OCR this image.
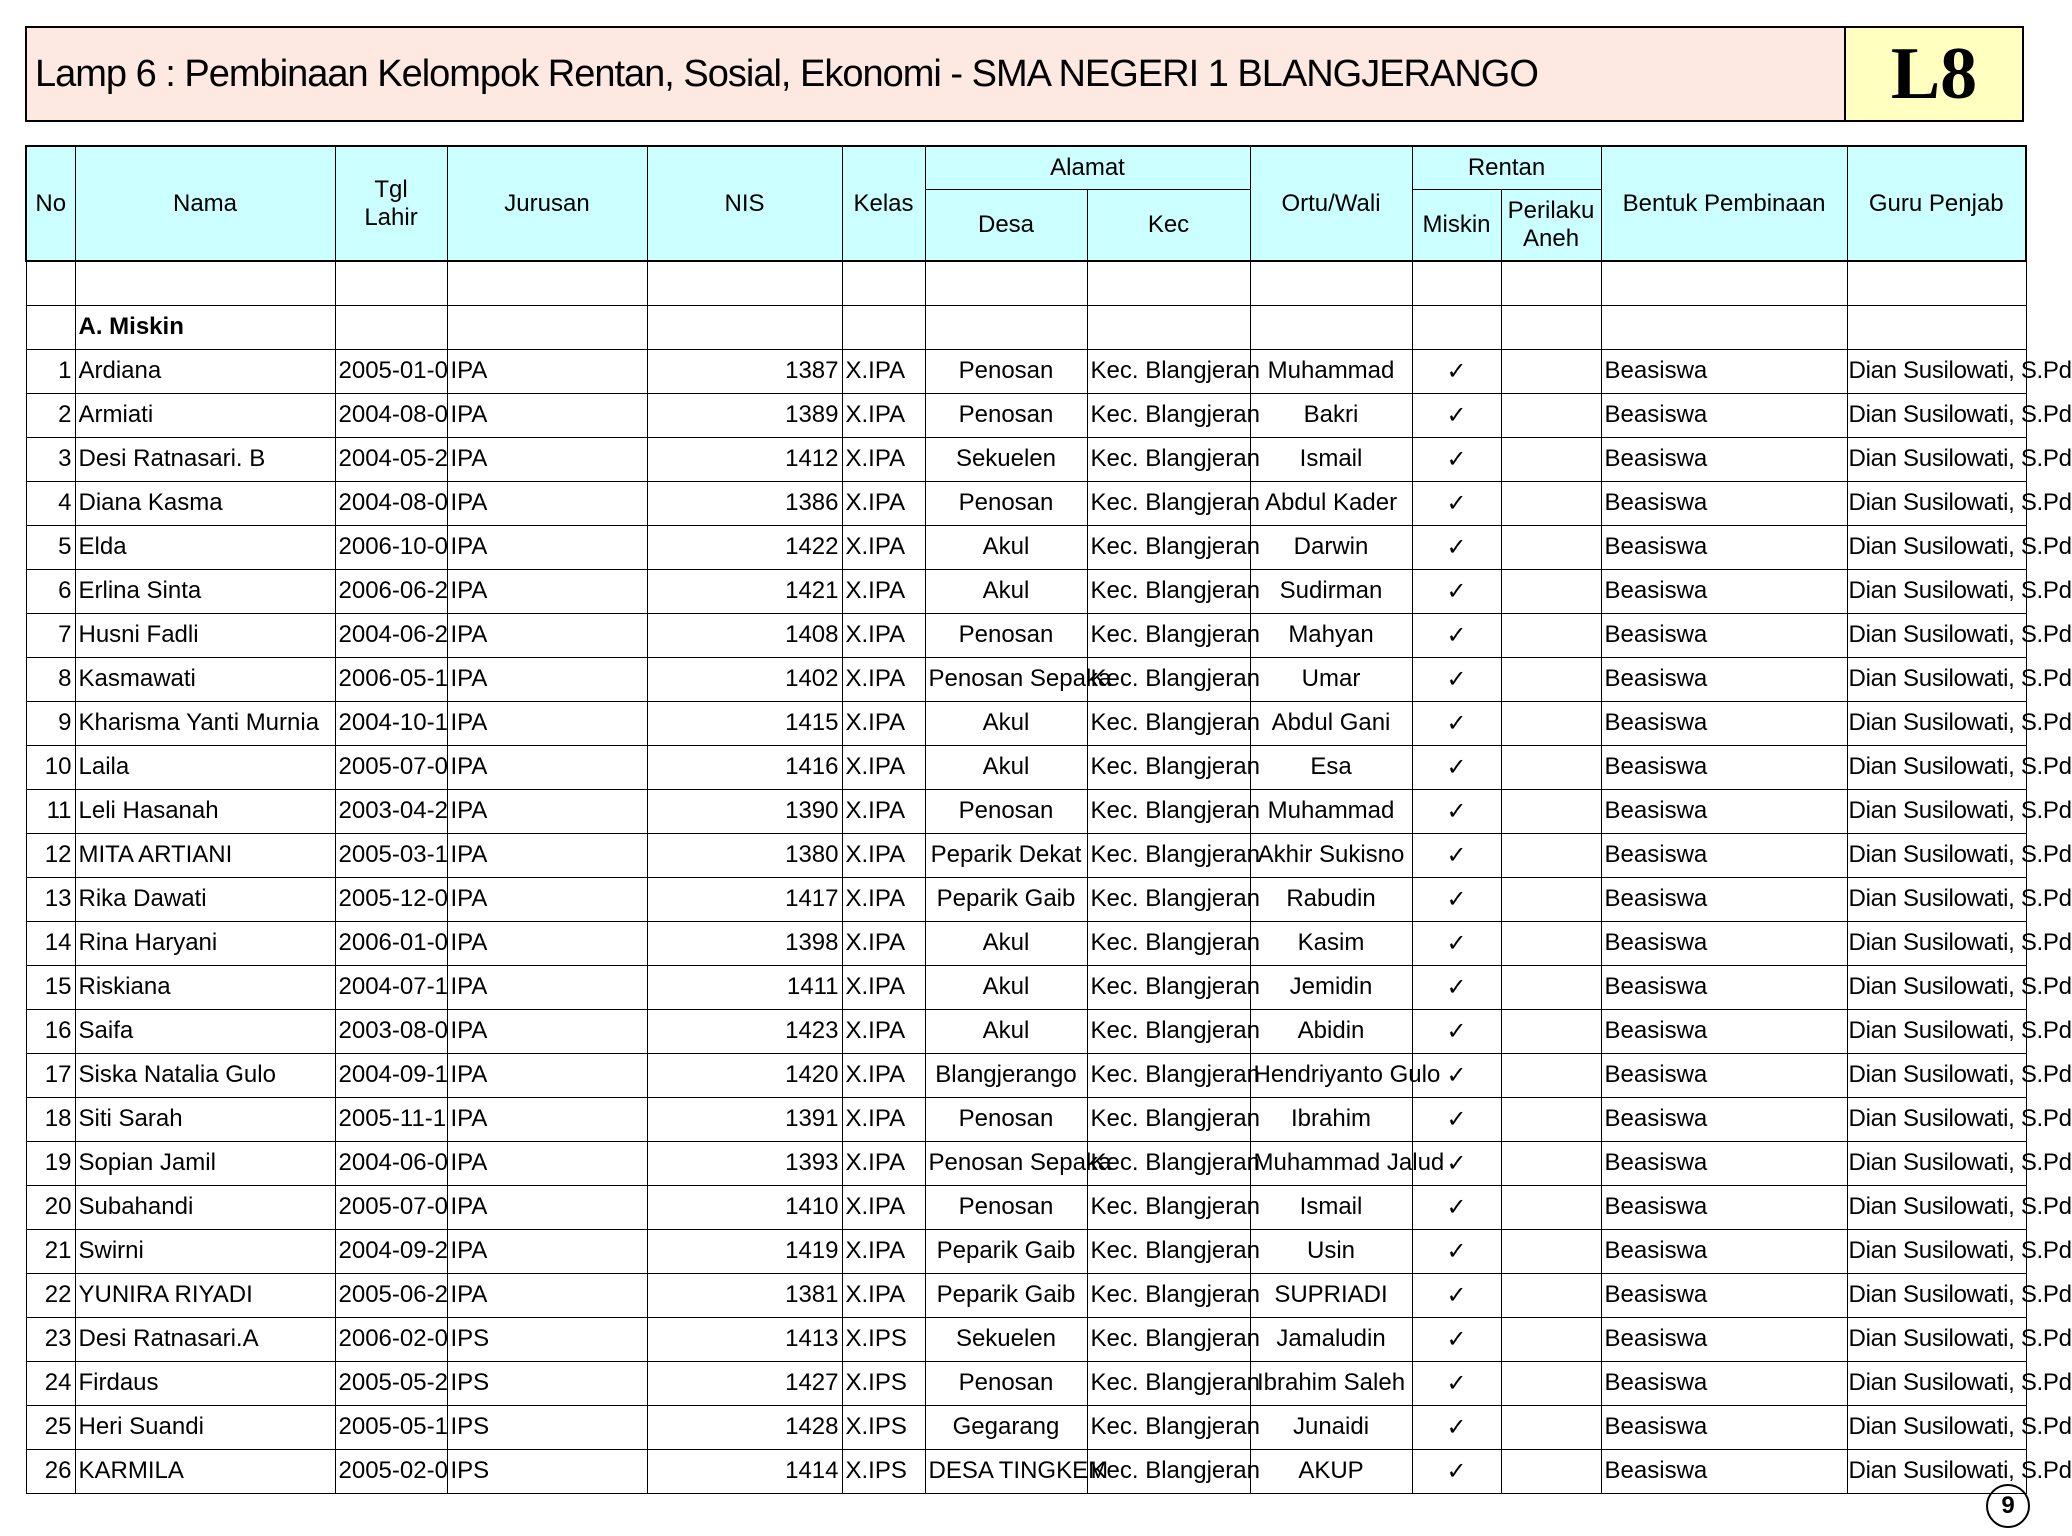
Lamp 6 : Pembinaan Kelompok Rentan, Sosial, Ekonomi - SMA NEGERI 1 BLANGJERANGO	L8
No	Nama	Tgl Lahir	Jurusan	NIS	Kelas	Alamat		Ortu/Wali	Rentan		Bentuk Pembinaan	Guru Penjab
						Desa	Kec		Miskin	Perilaku Aneh		

	A. Miskin											
1	Ardiana	2005-01-0	IPA	1387	X.IPA	Penosan	Kec. Blangjeran	Muhammad	✓		Beasiswa	Dian Susilowati, S.Pd
2	Armiati	2004-08-0	IPA	1389	X.IPA	Penosan	Kec. Blangjeran	Bakri	✓		Beasiswa	Dian Susilowati, S.Pd
3	Desi Ratnasari. B	2004-05-2	IPA	1412	X.IPA	Sekuelen	Kec. Blangjeran	Ismail	✓		Beasiswa	Dian Susilowati, S.Pd
4	Diana Kasma	2004-08-0	IPA	1386	X.IPA	Penosan	Kec. Blangjeran	Abdul Kader	✓		Beasiswa	Dian Susilowati, S.Pd
5	Elda	2006-10-0	IPA	1422	X.IPA	Akul	Kec. Blangjeran	Darwin	✓		Beasiswa	Dian Susilowati, S.Pd
6	Erlina Sinta	2006-06-2	IPA	1421	X.IPA	Akul	Kec. Blangjeran	Sudirman	✓		Beasiswa	Dian Susilowati, S.Pd
7	Husni Fadli	2004-06-2	IPA	1408	X.IPA	Penosan	Kec. Blangjeran	Mahyan	✓		Beasiswa	Dian Susilowati, S.Pd
8	Kasmawati	2006-05-1	IPA	1402	X.IPA	Penosan Sepaka	Kec. Blangjeran	Umar	✓		Beasiswa	Dian Susilowati, S.Pd
9	Kharisma Yanti Murnia	2004-10-1	IPA	1415	X.IPA	Akul	Kec. Blangjeran	Abdul Gani	✓		Beasiswa	Dian Susilowati, S.Pd
10	Laila	2005-07-0	IPA	1416	X.IPA	Akul	Kec. Blangjeran	Esa	✓		Beasiswa	Dian Susilowati, S.Pd
11	Leli Hasanah	2003-04-2	IPA	1390	X.IPA	Penosan	Kec. Blangjeran	Muhammad	✓		Beasiswa	Dian Susilowati, S.Pd
12	MITA ARTIANI	2005-03-1	IPA	1380	X.IPA	Peparik Dekat	Kec. Blangjeran	Akhir Sukisno	✓		Beasiswa	Dian Susilowati, S.Pd
13	Rika Dawati	2005-12-0	IPA	1417	X.IPA	Peparik Gaib	Kec. Blangjeran	Rabudin	✓		Beasiswa	Dian Susilowati, S.Pd
14	Rina Haryani	2006-01-0	IPA	1398	X.IPA	Akul	Kec. Blangjeran	Kasim	✓		Beasiswa	Dian Susilowati, S.Pd
15	Riskiana	2004-07-1	IPA	1411	X.IPA	Akul	Kec. Blangjeran	Jemidin	✓		Beasiswa	Dian Susilowati, S.Pd
16	Saifa	2003-08-0	IPA	1423	X.IPA	Akul	Kec. Blangjeran	Abidin	✓		Beasiswa	Dian Susilowati, S.Pd
17	Siska Natalia Gulo	2004-09-1	IPA	1420	X.IPA	Blangjerango	Kec. Blangjeran	Hendriyanto Gulo	✓		Beasiswa	Dian Susilowati, S.Pd
18	Siti Sarah	2005-11-1	IPA	1391	X.IPA	Penosan	Kec. Blangjeran	Ibrahim	✓		Beasiswa	Dian Susilowati, S.Pd
19	Sopian Jamil	2004-06-0	IPA	1393	X.IPA	Penosan Sepaka	Kec. Blangjeran	Muhammad Jalud	✓		Beasiswa	Dian Susilowati, S.Pd
20	Subahandi	2005-07-0	IPA	1410	X.IPA	Penosan	Kec. Blangjeran	Ismail	✓		Beasiswa	Dian Susilowati, S.Pd
21	Swirni	2004-09-2	IPA	1419	X.IPA	Peparik Gaib	Kec. Blangjeran	Usin	✓		Beasiswa	Dian Susilowati, S.Pd
22	YUNIRA RIYADI	2005-06-2	IPA	1381	X.IPA	Peparik Gaib	Kec. Blangjeran	SUPRIADI	✓		Beasiswa	Dian Susilowati, S.Pd
23	Desi Ratnasari.A	2006-02-0	IPS	1413	X.IPS	Sekuelen	Kec. Blangjeran	Jamaludin	✓		Beasiswa	Dian Susilowati, S.Pd
24	Firdaus	2005-05-2	IPS	1427	X.IPS	Penosan	Kec. Blangjeran	Ibrahim Saleh	✓		Beasiswa	Dian Susilowati, S.Pd
25	Heri Suandi	2005-05-1	IPS	1428	X.IPS	Gegarang	Kec. Blangjeran	Junaidi	✓		Beasiswa	Dian Susilowati, S.Pd
26	KARMILA	2005-02-0	IPS	1414	X.IPS	DESA TINGKEM	Kec. Blangjeran	AKUP	✓		Beasiswa	Dian Susilowati, S.Pd
9
